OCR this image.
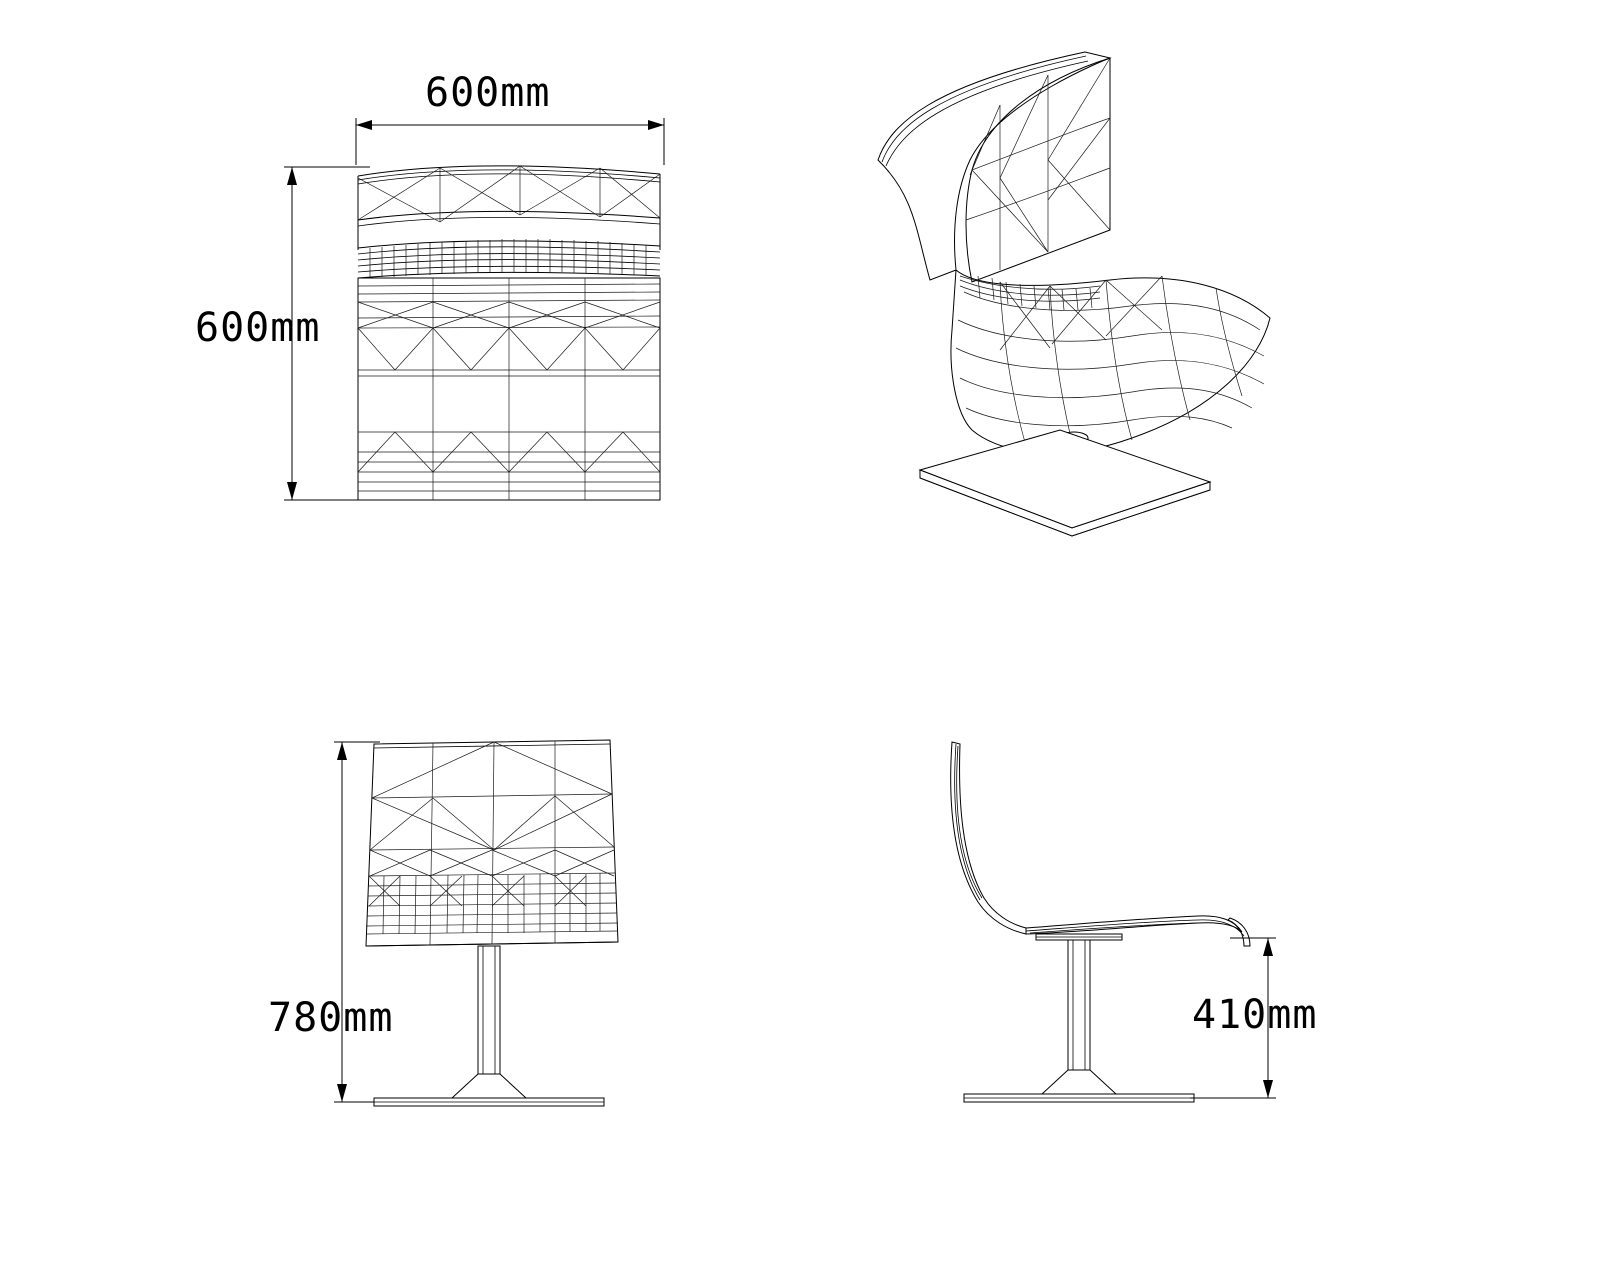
600mm
600mm
780mm	410mm
